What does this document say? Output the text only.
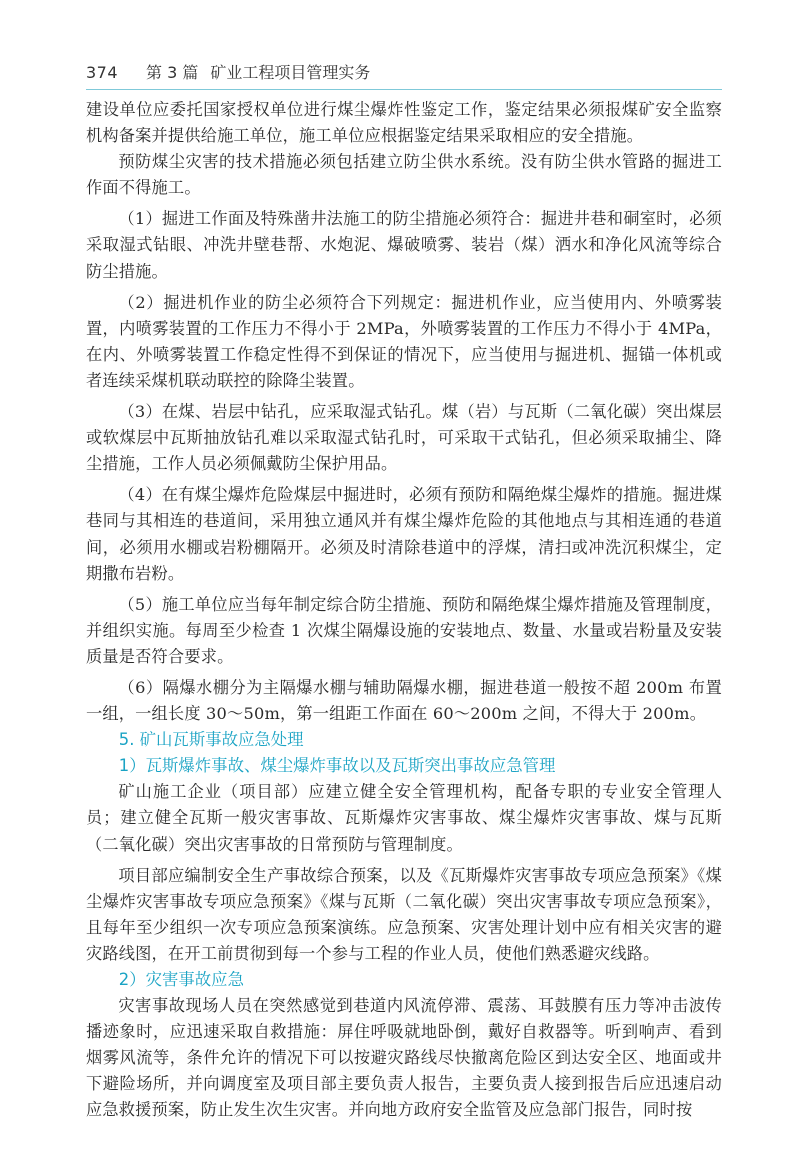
374	第 3 篇 矿业工程项目管理实务

建设单位应委托国家授权单位进行煤尘爆炸性鉴定工作，鉴定结果必须报煤矿安全监察机构备案并提供给施工单位，施工单位应根据鉴定结果采取相应的安全措施。

预防煤尘灾害的技术措施必须包括建立防尘供水系统。没有防尘供水管路的掘进工作面不得施工。

（1）掘进工作面及特殊凿井法施工的防尘措施必须符合：掘进井巷和硐室时，必须采取湿式钻眼、冲洗井壁巷帮、水炮泥、爆破喷雾、装岩（煤）洒水和净化风流等综合防尘措施。

（2）掘进机作业的防尘必须符合下列规定：掘进机作业，应当使用内、外喷雾装置，内喷雾装置的工作压力不得小于 2MPa，外喷雾装置的工作压力不得小于 4MPa，在内、外喷雾装置工作稳定性得不到保证的情况下，应当使用与掘进机、掘锚一体机或者连续采煤机联动联控的除降尘装置。

（3）在煤、岩层中钻孔，应采取湿式钻孔。煤（岩）与瓦斯（二氧化碳）突出煤层或软煤层中瓦斯抽放钻孔难以采取湿式钻孔时，可采取干式钻孔，但必须采取捕尘、降尘措施，工作人员必须佩戴防尘保护用品。

（4）在有煤尘爆炸危险煤层中掘进时，必须有预防和隔绝煤尘爆炸的措施。掘进煤巷同与其相连的巷道间，采用独立通风并有煤尘爆炸危险的其他地点与其相连通的巷道间，必须用水棚或岩粉棚隔开。必须及时清除巷道中的浮煤，清扫或冲洗沉积煤尘，定期撒布岩粉。

（5）施工单位应当每年制定综合防尘措施、预防和隔绝煤尘爆炸措施及管理制度，并组织实施。每周至少检查 1 次煤尘隔爆设施的安装地点、数量、水量或岩粉量及安装质量是否符合要求。

（6）隔爆水棚分为主隔爆水棚与辅助隔爆水棚，掘进巷道一般按不超 200m 布置一组，一组长度 30～50m，第一组距工作面在 60～200m 之间，不得大于 200m。

5. 矿山瓦斯事故应急处理
1）瓦斯爆炸事故、煤尘爆炸事故以及瓦斯突出事故应急管理

矿山施工企业（项目部）应建立健全安全管理机构，配备专职的专业安全管理人员；建立健全瓦斯一般灾害事故、瓦斯爆炸灾害事故、煤尘爆炸灾害事故、煤与瓦斯（二氧化碳）突出灾害事故的日常预防与管理制度。

项目部应编制安全生产事故综合预案，以及《瓦斯爆炸灾害事故专项应急预案》《煤尘爆炸灾害事故专项应急预案》《煤与瓦斯（二氧化碳）突出灾害事故专项应急预案》，且每年至少组织一次专项应急预案演练。应急预案、灾害处理计划中应有相关灾害的避灾路线图，在开工前贯彻到每一个参与工程的作业人员，使他们熟悉避灾线路。

2）灾害事故应急

灾害事故现场人员在突然感觉到巷道内风流停滞、震荡、耳鼓膜有压力等冲击波传播迹象时，应迅速采取自救措施：屏住呼吸就地卧倒，戴好自救器等。听到响声、看到烟雾风流等，条件允许的情况下可以按避灾路线尽快撤离危险区到达安全区、地面或井下避险场所，并向调度室及项目部主要负责人报告，主要负责人接到报告后应迅速启动应急救援预案，防止发生次生灾害。并向地方政府安全监管及应急部门报告，同时按
